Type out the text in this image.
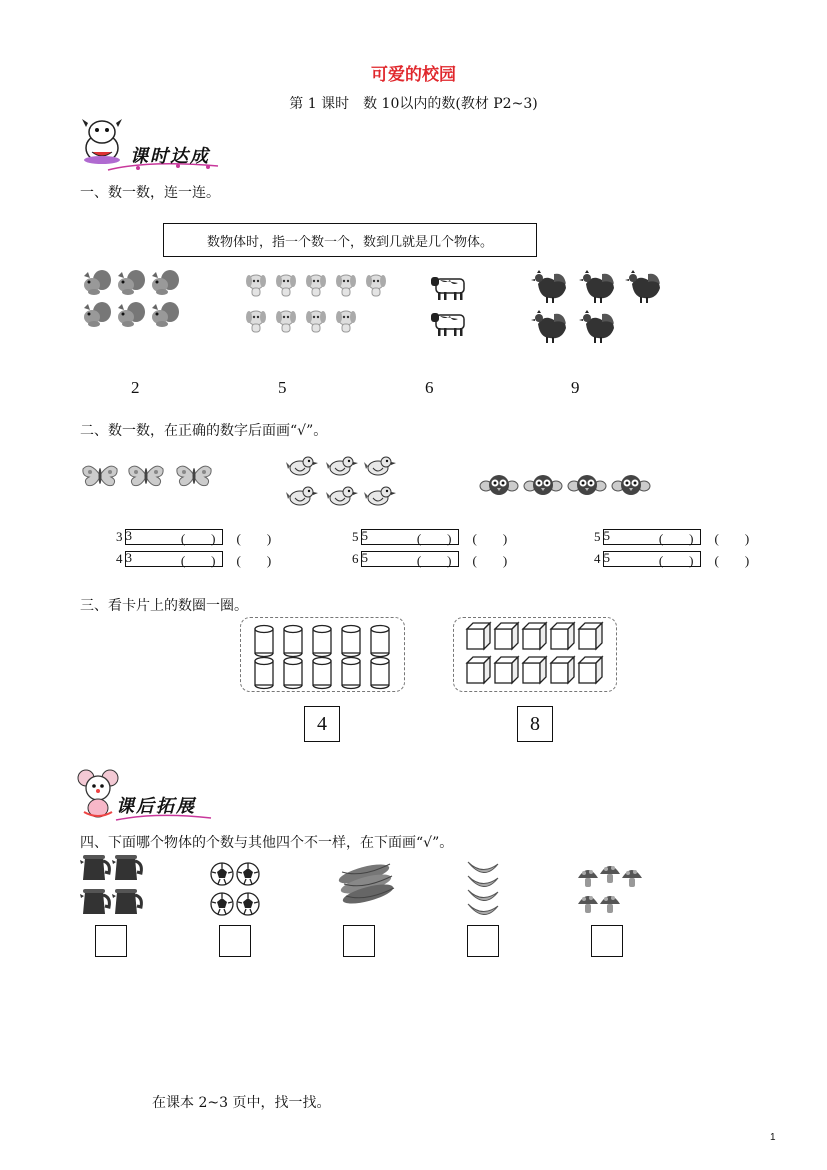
可爱的校园
第 1 课时　数 10以内的数(教材 P2~3)
课时达成
一、数一数，连一连。
数物体时，指一个数一个，数到几就是几个物体。
2	5	6	9
二、数一数，在正确的数字后面画“√”。
3 3	(　　) (　　)
4 3	(　　) (　　)
5 5	(　　) (　　)
6 5	(　　) (　　)
5 5	(　　) (　　)
4 5	(　　) (　　)
三、看卡片上的数圈一圈。
4	8
课后拓展
四、下面哪个物体的个数与其他四个不一样，在下面画“√”。
在课本 2~3 页中，找一找。
1
